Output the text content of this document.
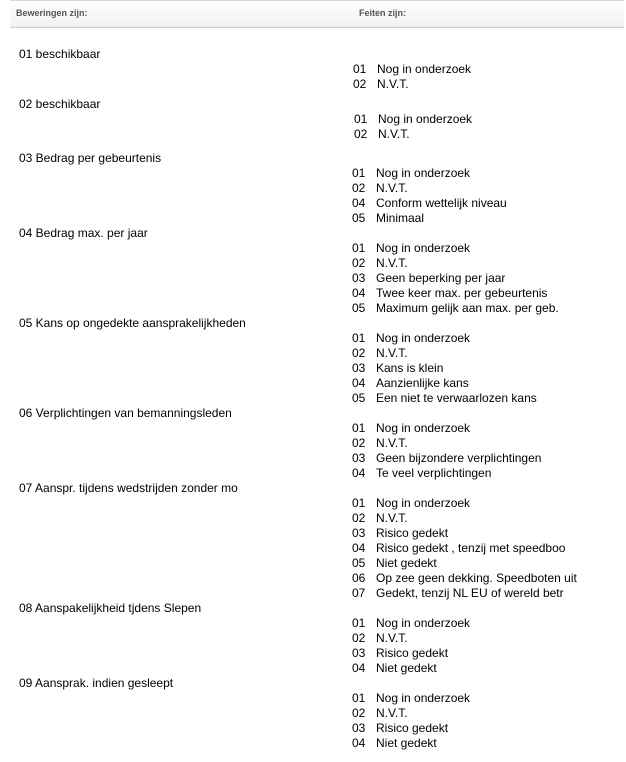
Beweringen zijn:	Feiten zijn:
01 beschikbaar
01 Nog in onderzoek
02 N.V.T.
02 beschikbaar
01 Nog in onderzoek
02 N.V.T.
03 Bedrag per gebeurtenis
01 Nog in onderzoek
02 N.V.T.
04 Conform wettelijk niveau
05 Minimaal
04 Bedrag max. per jaar
01 Nog in onderzoek
02 N.V.T.
03 Geen beperking per jaar
04 Twee keer max. per gebeurtenis
05 Maximum gelijk aan max. per geb.
05 Kans op ongedekte aansprakelijkheden
01 Nog in onderzoek
02 N.V.T.
03 Kans is klein
04 Aanzienlijke kans
05 Een niet te verwaarlozen kans
06 Verplichtingen van bemanningsleden
01 Nog in onderzoek
02 N.V.T.
03 Geen bijzondere verplichtingen
04 Te veel verplichtingen
07 Aanspr. tijdens wedstrijden zonder mo
01 Nog in onderzoek
02 N.V.T.
03 Risico gedekt
04 Risico gedekt , tenzij met speedboo
05 Niet gedekt
06 Op zee geen dekking. Speedboten uit
07 Gedekt, tenzij NL EU of wereld betr
08 Aanspakelijkheid tjdens Slepen
01 Nog in onderzoek
02 N.V.T.
03 Risico gedekt
04 Niet gedekt
09 Aansprak. indien gesleept
01 Nog in onderzoek
02 N.V.T.
03 Risico gedekt
04 Niet gedekt
